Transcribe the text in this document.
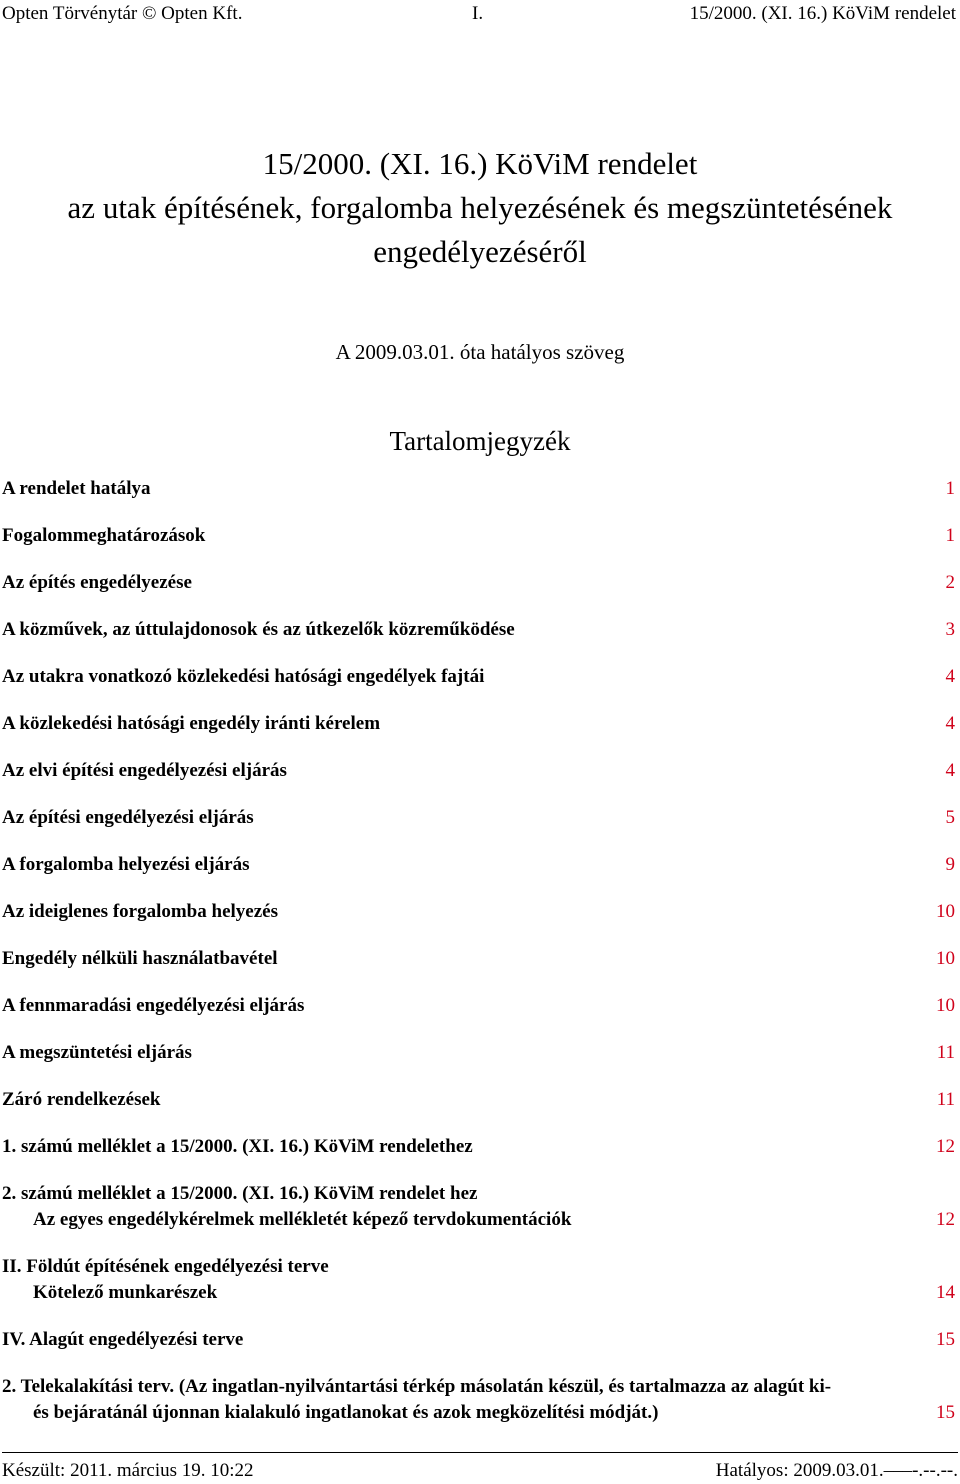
Opten Törvénytár © Opten Kft.	I.	15/2000. (XI. 16.) KöViM rendelet
15/2000. (XI. 16.) KöViM rendelet
az utak építésének, forgalomba helyezésének és megszüntetésének
engedélyezéséről
A 2009.03.01. óta hatályos szöveg
Tartalomjegyzék
A rendelet hatálya	1
Fogalommeghatározások	1
Az építés engedélyezése	2
A közművek, az úttulajdonosok és az útkezelők közreműködése	3
Az utakra vonatkozó közlekedési hatósági engedélyek fajtái	4
A közlekedési hatósági engedély iránti kérelem	4
Az elvi építési engedélyezési eljárás	4
Az építési engedélyezési eljárás	5
A forgalomba helyezési eljárás	9
Az ideiglenes forgalomba helyezés	10
Engedély nélküli használatbavétel	10
A fennmaradási engedélyezési eljárás	10
A megszüntetési eljárás	11
Záró rendelkezések	11
1. számú melléklet a 15/2000. (XI. 16.) KöViM rendelethez	12
2. számú melléklet a 15/2000. (XI. 16.) KöViM rendelet hez
Az egyes engedélykérelmek mellékletét képező tervdokumentációk	12
II. Földút építésének engedélyezési terve
Kötelező munkarészek	14
IV. Alagút engedélyezési terve	15
2. Telekalakítási terv. (Az ingatlan-nyilvántartási térkép másolatán készül, és tartalmazza az alagút ki-
és bejáratánál újonnan kialakuló ingatlanokat és azok megközelítési módját.)	15
Készült: 2011. március 19. 10:22	Hatályos: 2009.03.01.–––-.--.--.
